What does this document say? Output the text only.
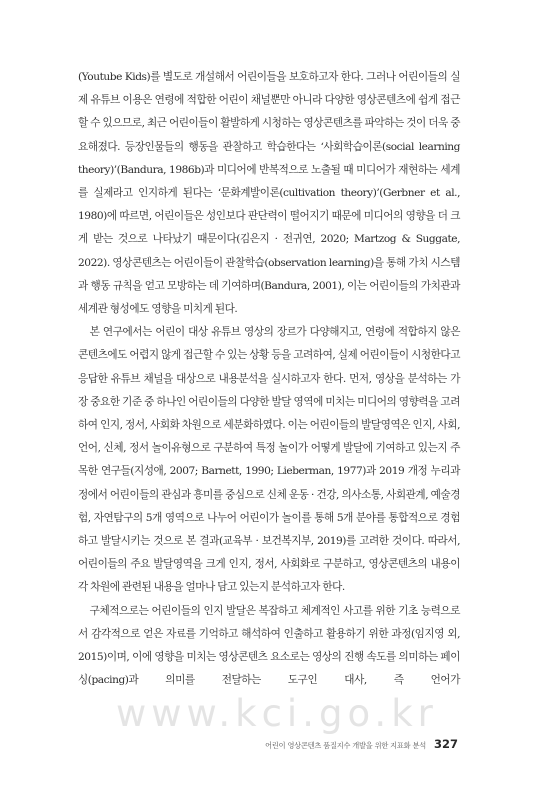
(Youtube Kids)를 별도로 개설해서 어린이들을 보호하고자 한다. 그러나 어린이들의 실제 유튜브 이용은 연령에 적합한 어린이 채널뿐만 아니라 다양한 영상콘텐츠에 쉽게 접근할 수 있으므로, 최근 어린이들이 활발하게 시청하는 영상콘텐츠를 파악하는 것이 더욱 중요해졌다. 등장인물들의 행동을 관찰하고 학습한다는 ‘사회학습이론(social learning theory)’(Bandura, 1986b)과 미디어에 반복적으로 노출될 때 미디어가 재현하는 세계를 실제라고 인지하게 된다는 ‘문화계발이론(cultivation theory)’(Gerbner et al., 1980)에 따르면, 어린이들은 성인보다 판단력이 떨어지기 때문에 미디어의 영향을 더 크게 받는 것으로 나타났기 때문이다(김은지 · 전귀연, 2020; Martzog & Suggate, 2022). 영상콘텐츠는 어린이들이 관찰학습(observation learning)을 통해 가치 시스템과 행동 규칙을 얻고 모방하는 데 기여하며(Bandura, 2001), 이는 어린이들의 가치관과 세계관 형성에도 영향을 미치게 된다.

본 연구에서는 어린이 대상 유튜브 영상의 장르가 다양해지고, 연령에 적합하지 않은 콘텐츠에도 어렵지 않게 접근할 수 있는 상황 등을 고려하여, 실제 어린이들이 시청한다고 응답한 유튜브 채널을 대상으로 내용분석을 실시하고자 한다. 먼저, 영상을 분석하는 가장 중요한 기준 중 하나인 어린이들의 다양한 발달 영역에 미치는 미디어의 영향력을 고려하여 인지, 정서, 사회화 차원으로 세분화하였다. 이는 어린이들의 발달영역은 인지, 사회, 언어, 신체, 정서 놀이유형으로 구분하여 특정 놀이가 어떻게 발달에 기여하고 있는지 주목한 연구들(지성애, 2007; Barnett, 1990; Lieberman, 1977)과 2019 개정 누리과정에서 어린이들의 관심과 흥미를 중심으로 신체 운동 · 건강, 의사소통, 사회관계, 예술경험, 자연탐구의 5개 영역으로 나누어 어린이가 놀이를 통해 5개 분야를 통합적으로 경험하고 발달시키는 것으로 본 결과(교육부 · 보건복지부, 2019)를 고려한 것이다. 따라서, 어린이들의 주요 발달영역을 크게 인지, 정서, 사회화로 구분하고, 영상콘텐츠의 내용이 각 차원에 관련된 내용을 얼마나 담고 있는지 분석하고자 한다.

구체적으로는 어린이들의 인지 발달은 복잡하고 체계적인 사고를 위한 기초 능력으로서 감각적으로 얻은 자료를 기억하고 해석하여 인출하고 활용하기 위한 과정(임지영 외, 2015)이며, 이에 영향을 미치는 영상콘텐츠 요소로는 영상의 진행 속도를 의미하는 페이싱(pacing)과 의미를 전달하는 도구인 대사, 즉 언어가

www.kci.go.kr
어린이 영상콘텐츠 품질지수 개발을 위한 지표화 분석 327
